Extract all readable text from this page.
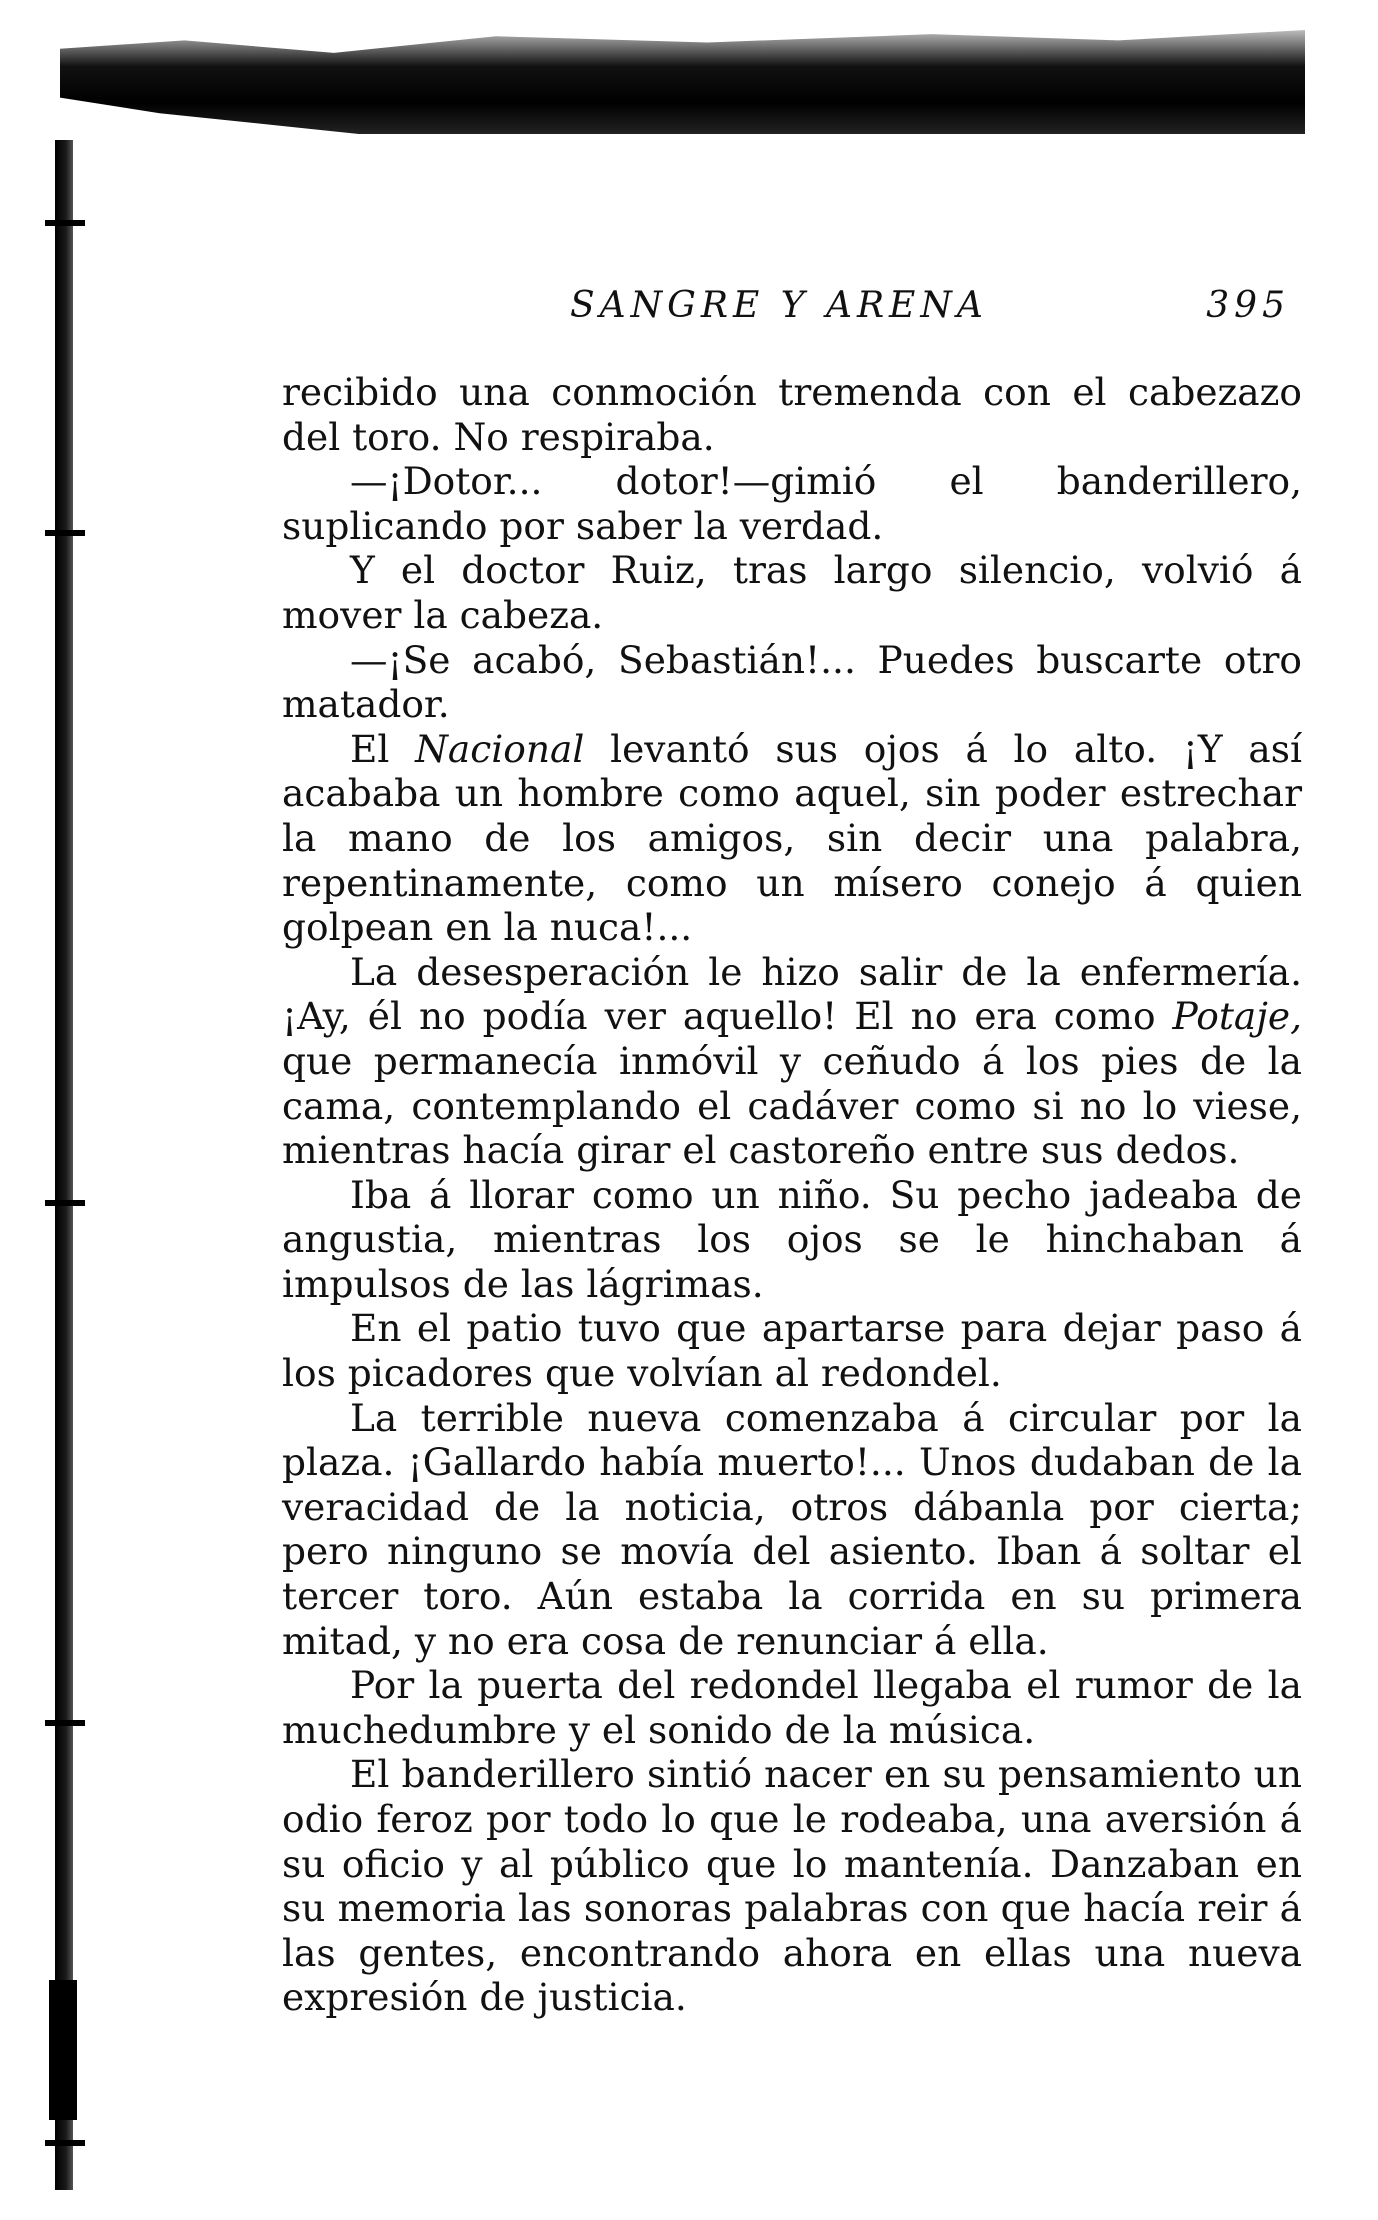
SANGRE Y ARENA	395

recibido una conmoción tremenda con el cabezazo del toro. No respiraba.

—¡Dotor... dotor!—gimió el banderillero, suplicando por saber la verdad.

Y el doctor Ruiz, tras largo silencio, volvió á mover la cabeza.

—¡Se acabó, Sebastián!... Puedes buscarte otro matador.

El Nacional levantó sus ojos á lo alto. ¡Y así acababa un hombre como aquel, sin poder estrechar la mano de los amigos, sin decir una palabra, repentinamente, como un mísero conejo á quien golpean en la nuca!...

La desesperación le hizo salir de la enfermería. ¡Ay, él no podía ver aquello! El no era como Potaje, que permanecía inmóvil y ceñudo á los pies de la cama, contemplando el cadáver como si no lo viese, mientras hacía girar el castoreño entre sus dedos.

Iba á llorar como un niño. Su pecho jadeaba de angustia, mientras los ojos se le hinchaban á impulsos de las lágrimas.

En el patio tuvo que apartarse para dejar paso á los picadores que volvían al redondel.

La terrible nueva comenzaba á circular por la plaza. ¡Gallardo había muerto!... Unos dudaban de la veracidad de la noticia, otros dábanla por cierta; pero ninguno se movía del asiento. Iban á soltar el tercer toro. Aún estaba la corrida en su primera mitad, y no era cosa de renunciar á ella.

Por la puerta del redondel llegaba el rumor de la muchedumbre y el sonido de la música.

El banderillero sintió nacer en su pensamiento un odio feroz por todo lo que le rodeaba, una aversión á su oficio y al público que lo mantenía. Danzaban en su memoria las sonoras palabras con que hacía reir á las gentes, encontrando ahora en ellas una nueva expresión de justicia.
